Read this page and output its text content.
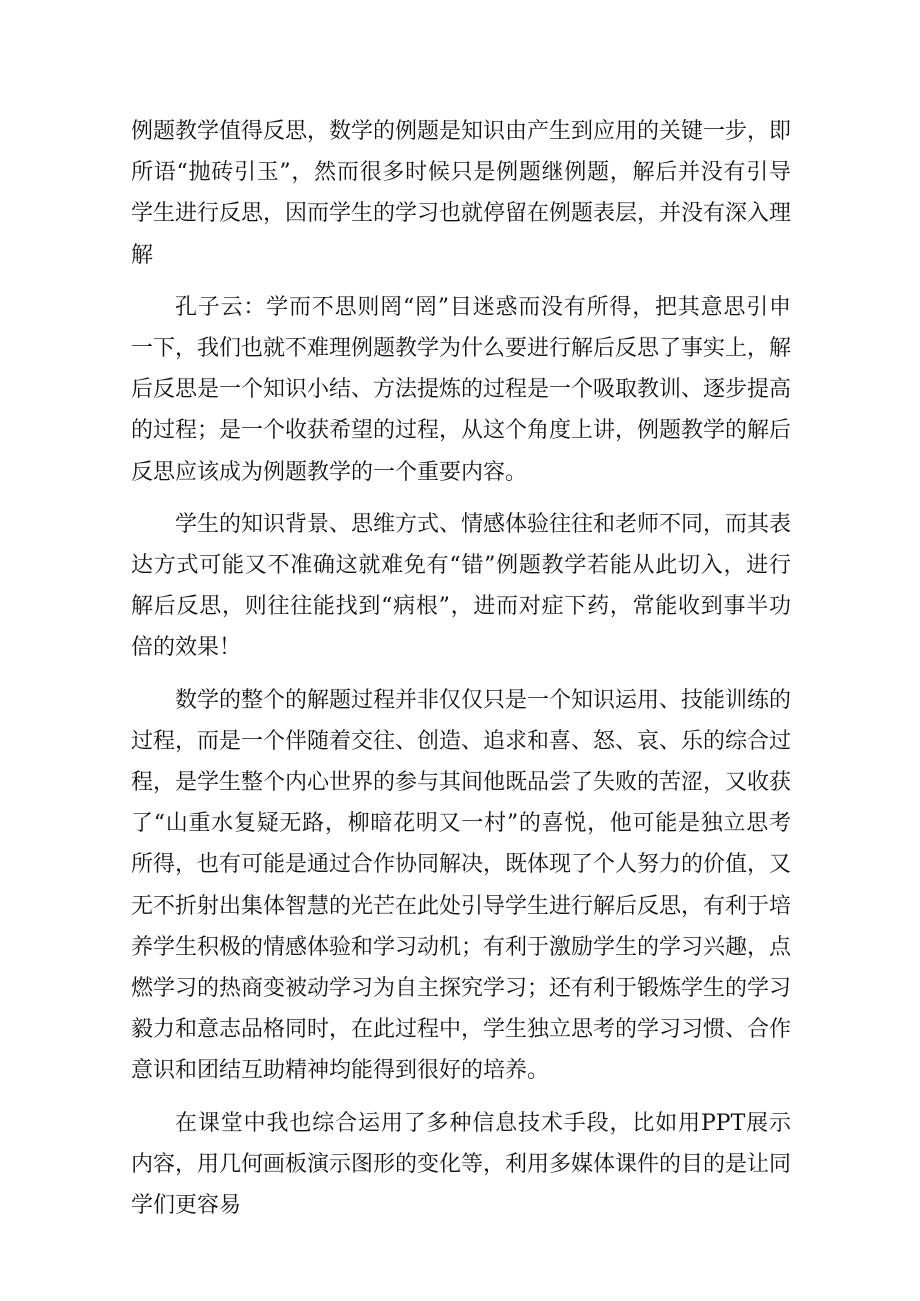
例题教学值得反思，数学的例题是知识由产生到应用的关键一步，即所语“抛砖引玉”，然而很多时候只是例题继例题，解后并没有引导学生进行反思，因而学生的学习也就停留在例题表层，并没有深入理解

孔子云：学而不思则罔“罔”目迷惑而没有所得，把其意思引申一下，我们也就不难理例题教学为什么要进行解后反思了事实上，解后反思是一个知识小结、方法提炼的过程是一个吸取教训、逐步提高的过程；是一个收获希望的过程，从这个角度上讲，例题教学的解后反思应该成为例题教学的一个重要内容。

学生的知识背景、思维方式、情感体验往往和老师不同，而其表达方式可能又不准确这就难免有“错”例题教学若能从此切入，进行解后反思，则往往能找到“病根”，进而对症下药，常能收到事半功倍的效果！

数学的整个的解题过程并非仅仅只是一个知识运用、技能训练的过程，而是一个伴随着交往、创造、追求和喜、怒、哀、乐的综合过程，是学生整个内心世界的参与其间他既品尝了失败的苦涩，又收获了“山重水复疑无路，柳暗花明又一村”的喜悦，他可能是独立思考所得，也有可能是通过合作协同解决，既体现了个人努力的价值，又无不折射出集体智慧的光芒在此处引导学生进行解后反思，有利于培养学生积极的情感体验和学习动机；有利于激励学生的学习兴趣，点燃学习的热商变被动学习为自主探究学习；还有利于锻炼学生的学习毅力和意志品格同时，在此过程中，学生独立思考的学习习惯、合作意识和团结互助精神均能得到很好的培养。

在课堂中我也综合运用了多种信息技术手段，比如用PPT展示内容，用几何画板演示图形的变化等，利用多媒体课件的目的是让同学们更容易
